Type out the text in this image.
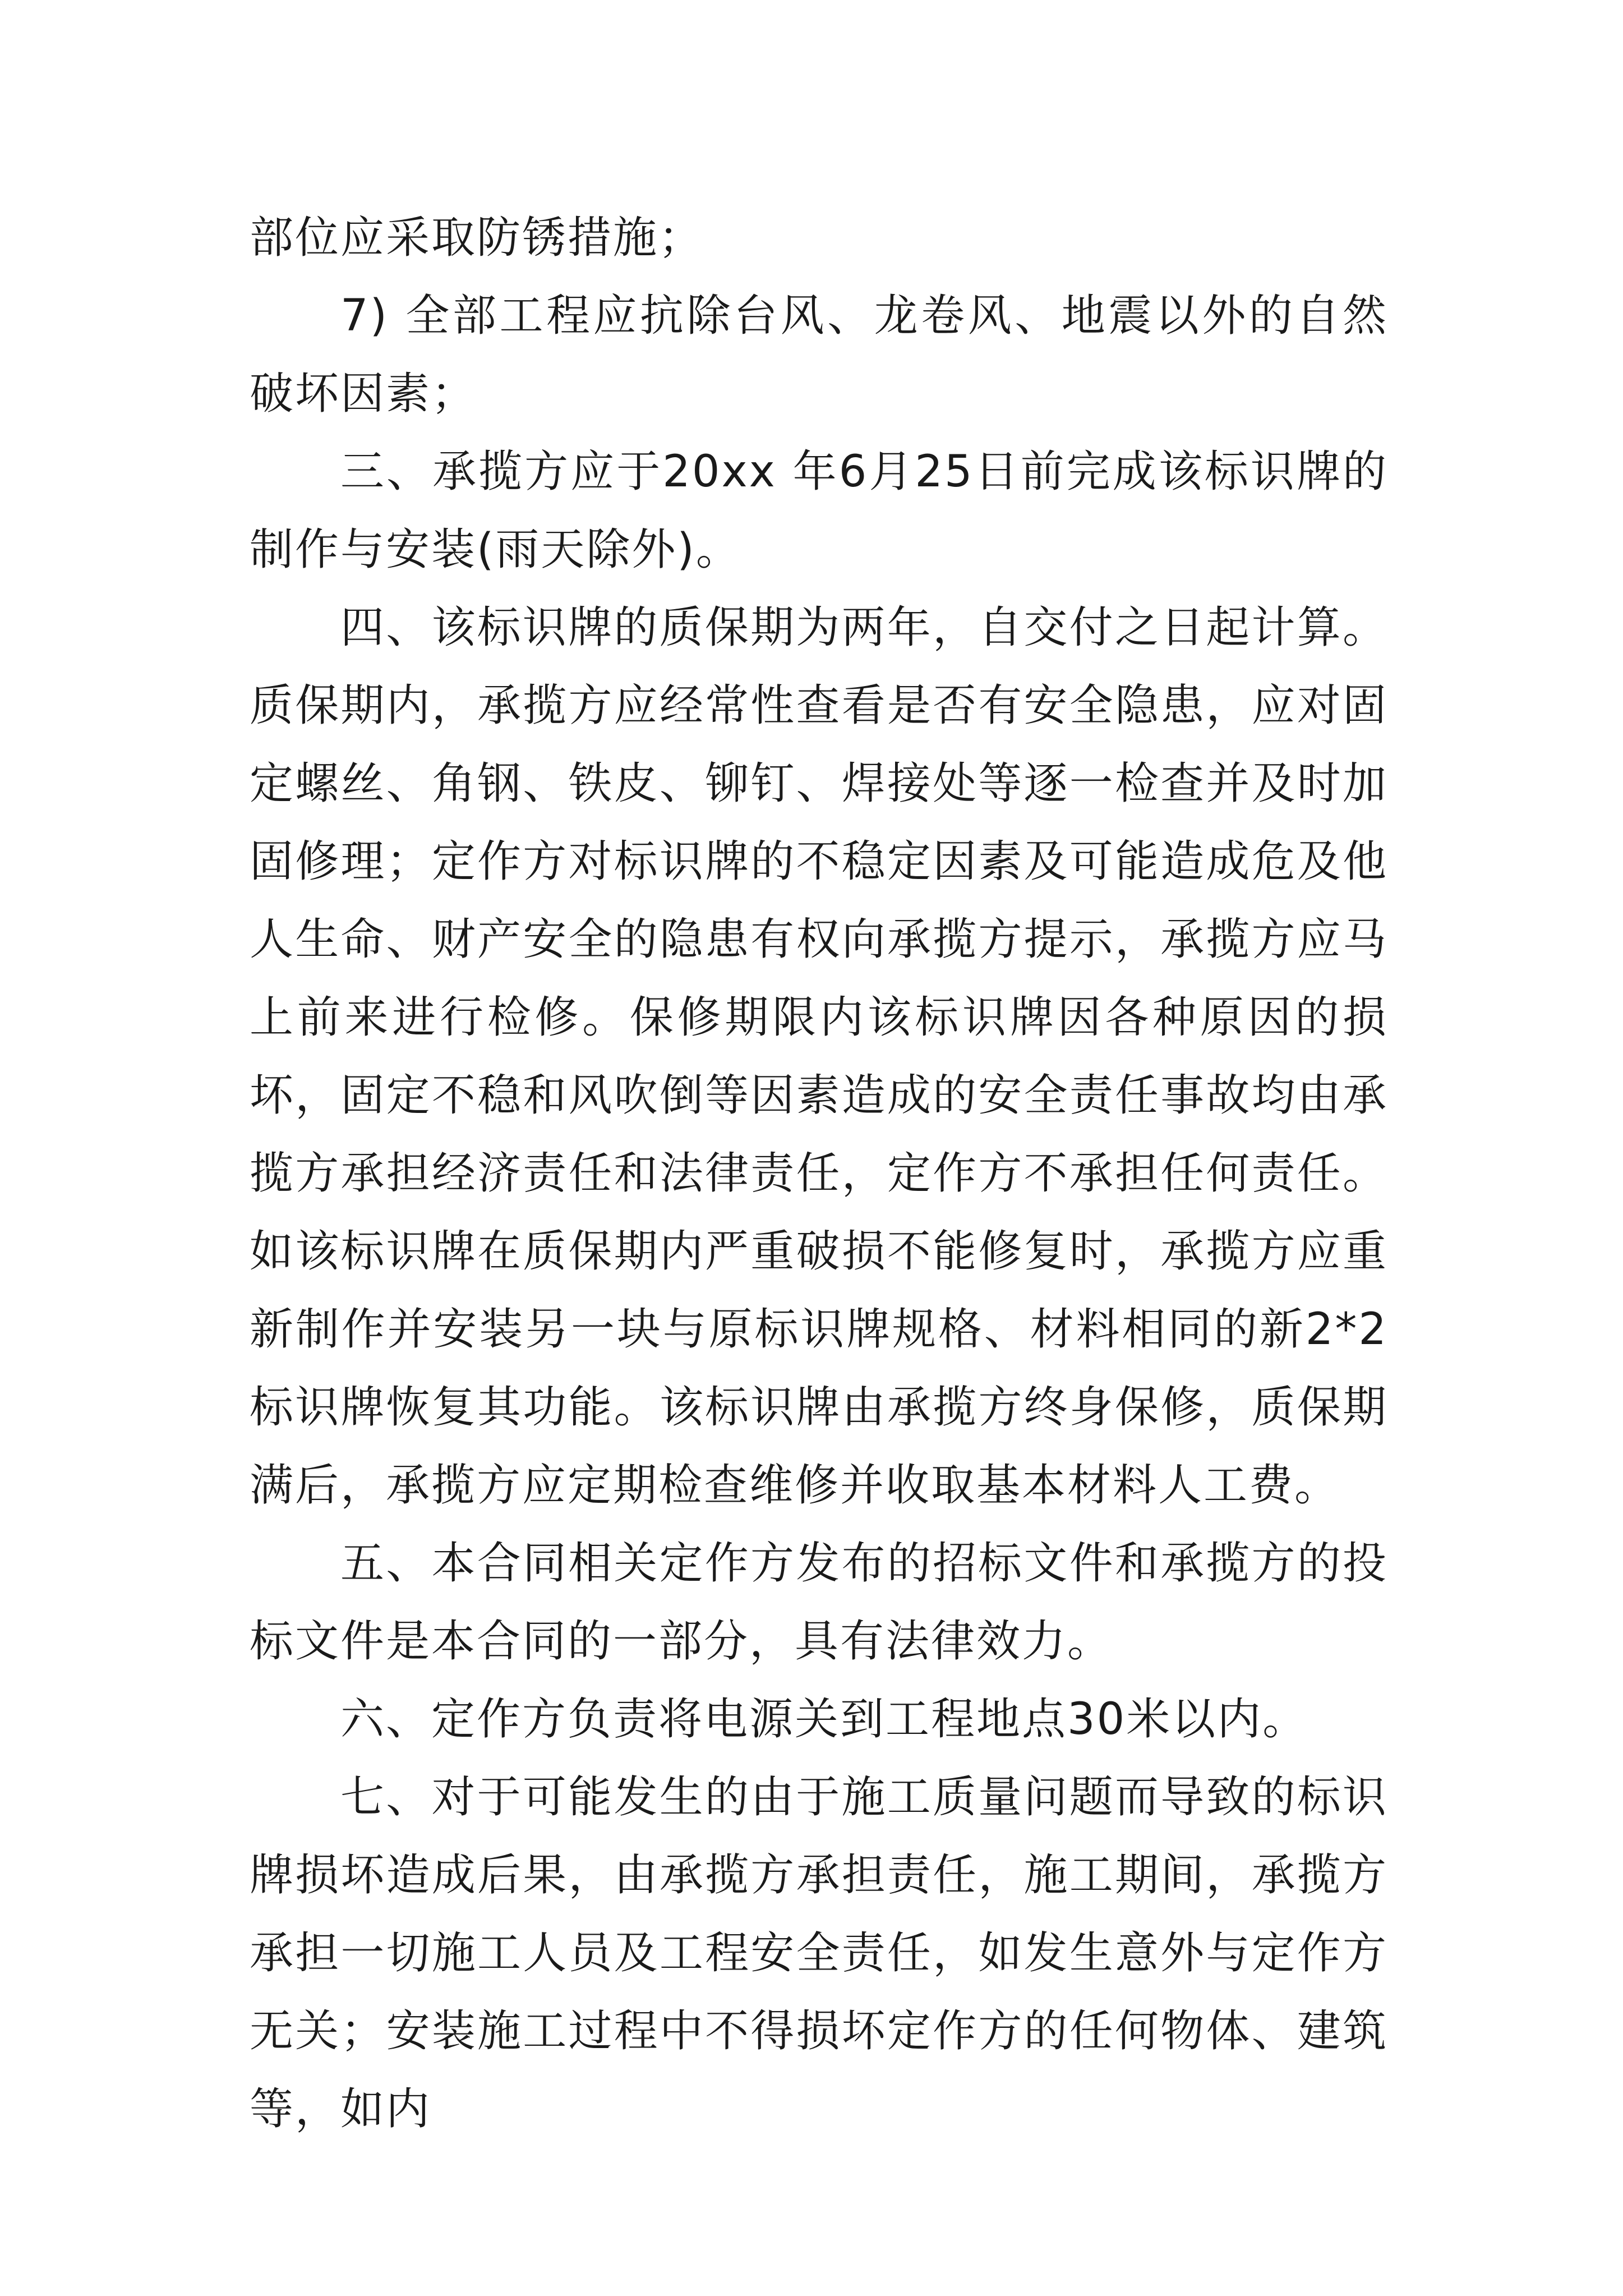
部位应采取防锈措施；

7) 全部工程应抗除台风、龙卷风、地震以外的自然破坏因素；

三、承揽方应于20xx 年6月25日前完成该标识牌的制作与安装(雨天除外)。

四、该标识牌的质保期为两年，自交付之日起计算。质保期内，承揽方应经常性查看是否有安全隐患，应对固定螺丝、角钢、铁皮、铆钉、焊接处等逐一检查并及时加固修理；定作方对标识牌的不稳定因素及可能造成危及他人生命、财产安全的隐患有权向承揽方提示，承揽方应马上前来进行检修。保修期限内该标识牌因各种原因的损坏，固定不稳和风吹倒等因素造成的安全责任事故均由承揽方承担经济责任和法律责任，定作方不承担任何责任。如该标识牌在质保期内严重破损不能修复时，承揽方应重新制作并安装另一块与原标识牌规格、材料相同的新2*2标识牌恢复其功能。该标识牌由承揽方终身保修，质保期满后，承揽方应定期检查维修并收取基本材料人工费。

五、本合同相关定作方发布的招标文件和承揽方的投标文件是本合同的一部分，具有法律效力。

六、定作方负责将电源关到工程地点30米以内。

七、对于可能发生的由于施工质量问题而导致的标识牌损坏造成后果，由承揽方承担责任，施工期间，承揽方承担一切施工人员及工程安全责任，如发生意外与定作方无关；安装施工过程中不得损坏定作方的任何物体、建筑等，如内
